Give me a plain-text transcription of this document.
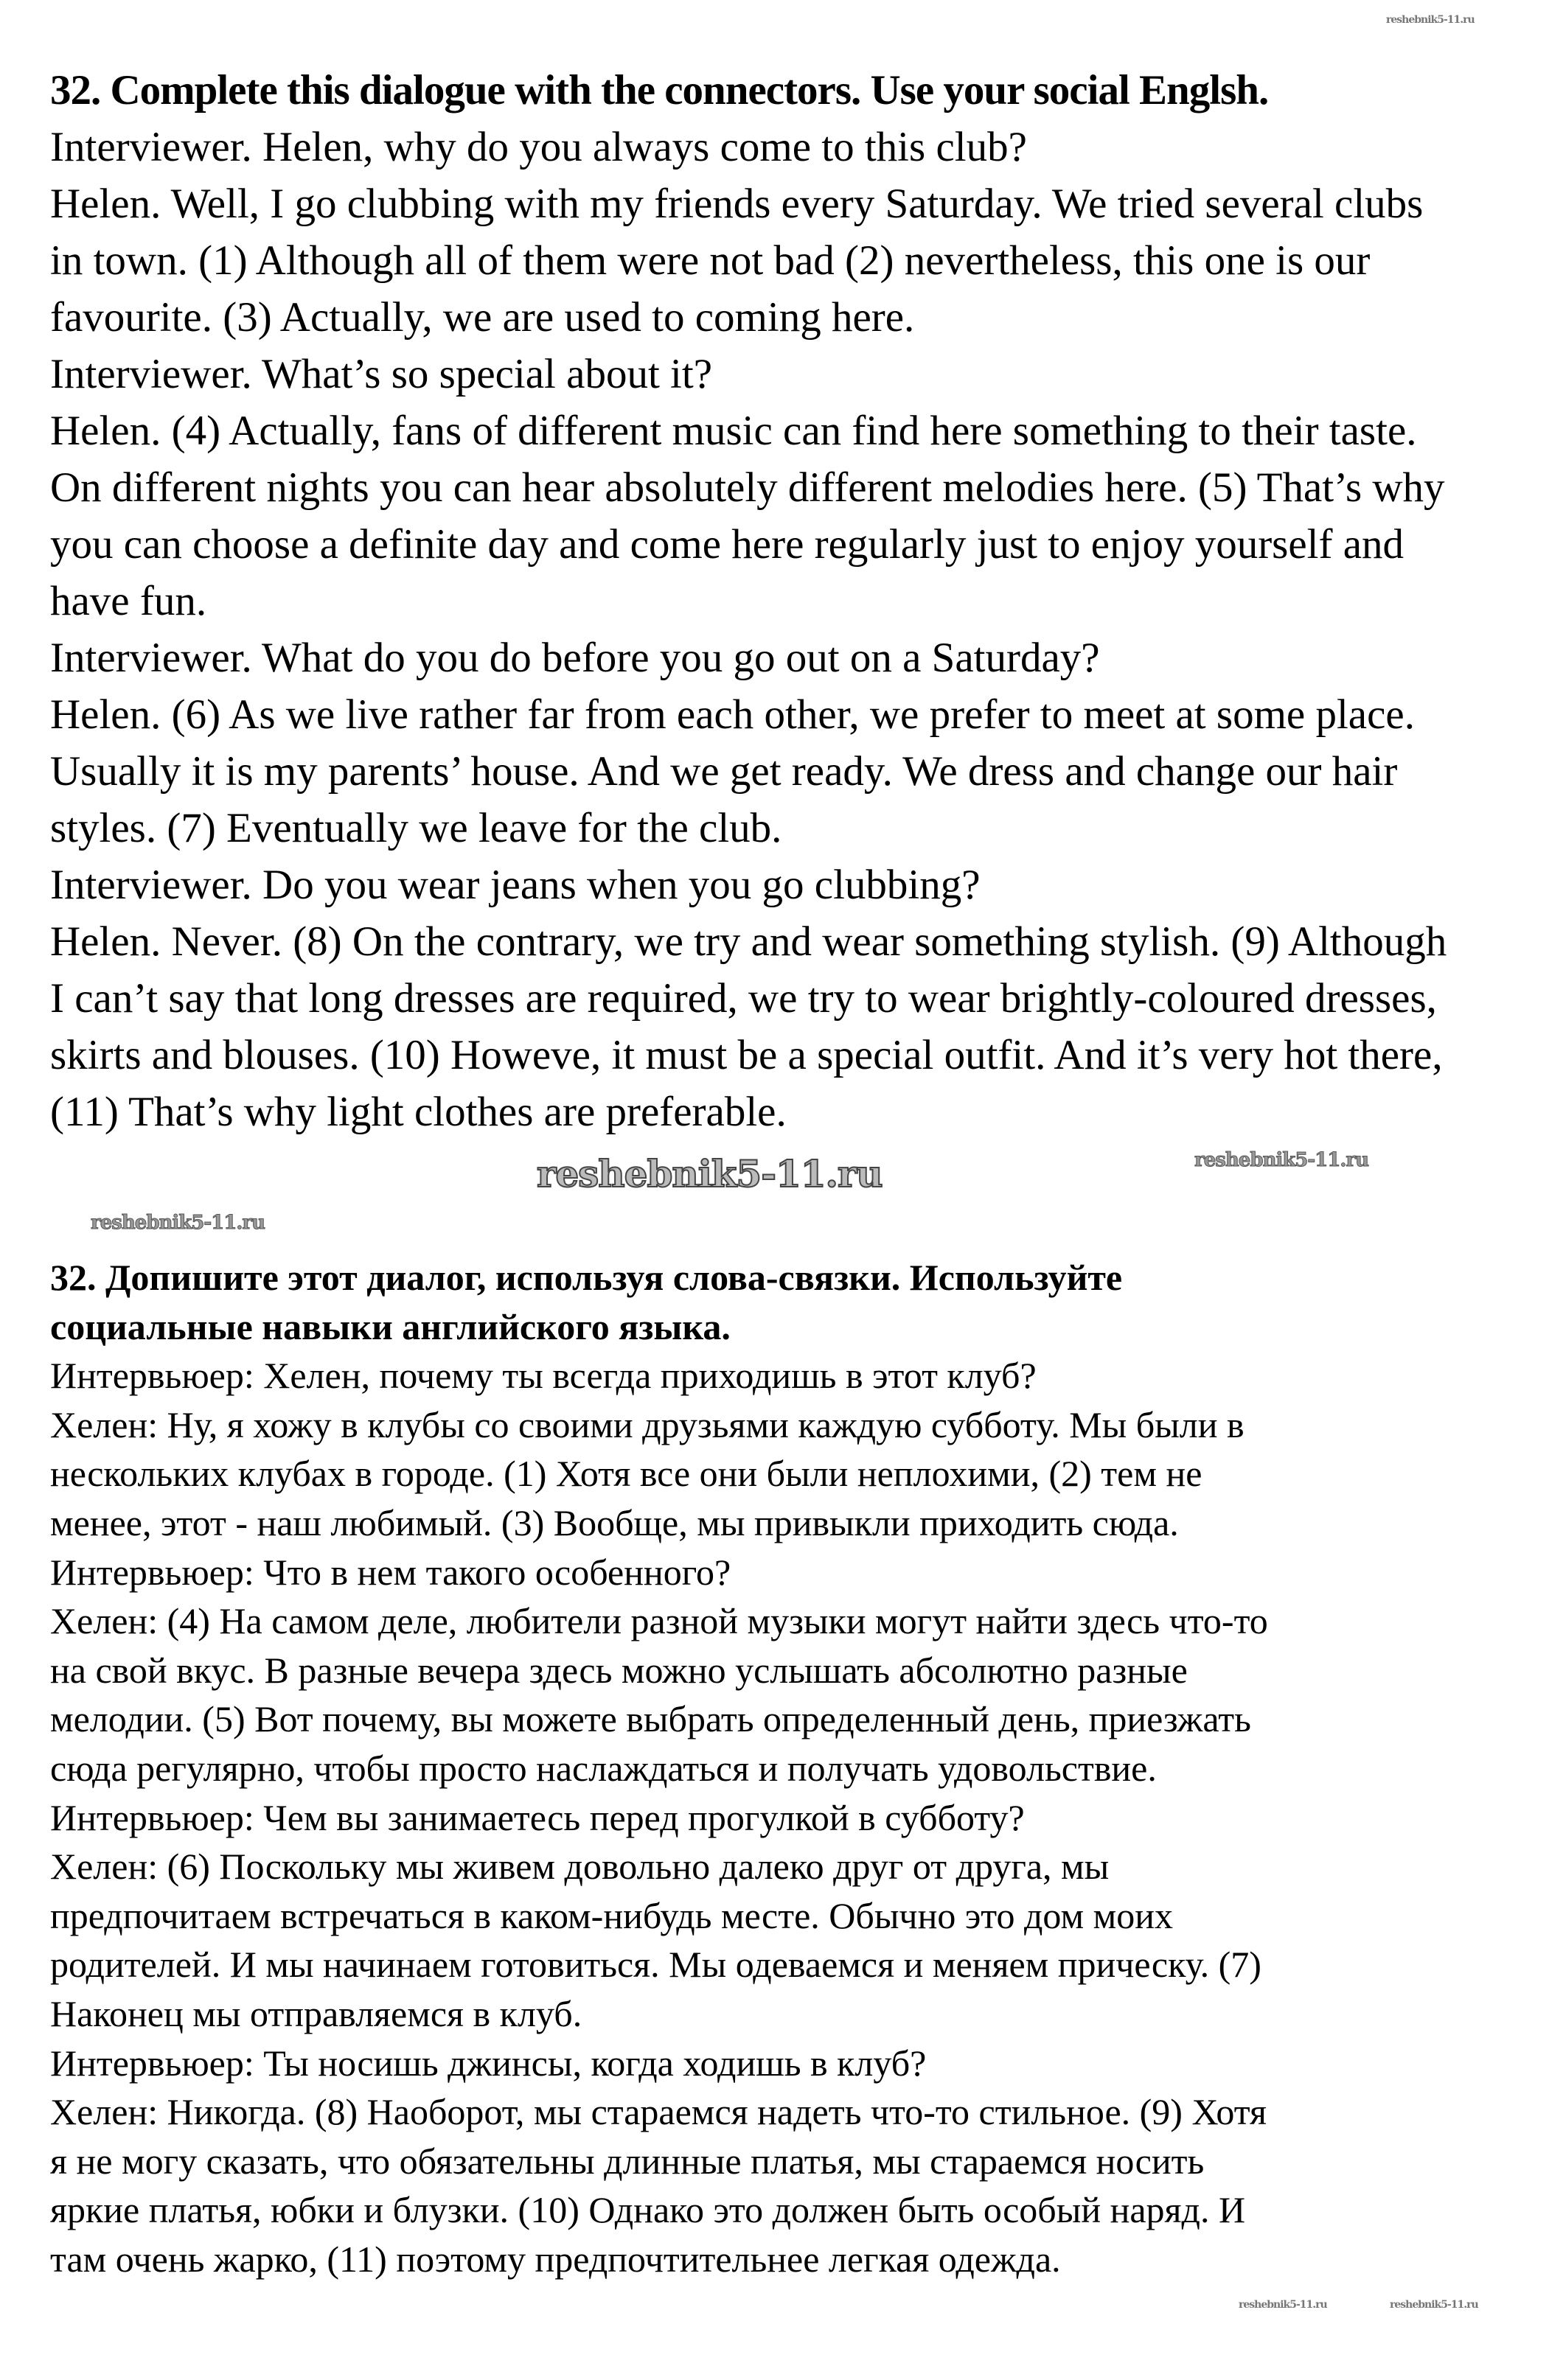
32. Complete this dialogue with the connectors. Use your social Englsh.
Interviewer. Helen, why do you always come to this club?
Helen. Well, I go clubbing with my friends every Saturday. We tried several clubs
in town. (1) Although all of them were not bad (2) nevertheless, this one is our
favourite. (3) Actually, we are used to coming here.
Interviewer. What’s so special about it?
Helen. (4) Actually, fans of different music can find here something to their taste.
On different nights you can hear absolutely different melodies here. (5) That’s why
you can choose a definite day and come here regularly just to enjoy yourself and
have fun.
Interviewer. What do you do before you go out on a Saturday?
Helen. (6) As we live rather far from each other, we prefer to meet at some place.
Usually it is my parents’ house. And we get ready. We dress and change our hair
styles. (7) Eventually we leave for the club.
Interviewer. Do you wear jeans when you go clubbing?
Helen. Never. (8) On the contrary, we try and wear something stylish. (9) Although
I can’t say that long dresses are required, we try to wear brightly-coloured dresses,
skirts and blouses. (10) Howeve, it must be a special outfit. And it’s very hot there,
(11) That’s why light clothes are preferable.
32. Допишите этот диалог, используя слова-связки. Используйте
социальные навыки английского языка.
Интервьюер: Хелен, почему ты всегда приходишь в этот клуб?
Хелен: Ну, я хожу в клубы со своими друзьями каждую субботу. Мы были в
нескольких клубах в городе. (1) Хотя все они были неплохими, (2) тем не
менее, этот - наш любимый. (3) Вообще, мы привыкли приходить сюда.
Интервьюер: Что в нем такого особенного?
Хелен: (4) На самом деле, любители разной музыки могут найти здесь что-то
на свой вкус. В разные вечера здесь можно услышать абсолютно разные
мелодии. (5) Вот почему, вы можете выбрать определенный день, приезжать
сюда регулярно, чтобы просто наслаждаться и получать удовольствие.
Интервьюер: Чем вы занимаетесь перед прогулкой в субботу?
Хелен: (6) Поскольку мы живем довольно далеко друг от друга, мы
предпочитаем встречаться в каком-нибудь месте. Обычно это дом моих
родителей. И мы начинаем готовиться. Мы одеваемся и меняем прическу. (7)
Наконец мы отправляемся в клуб.
Интервьюер: Ты носишь джинсы, когда ходишь в клуб?
Хелен: Никогда. (8) Наоборот, мы стараемся надеть что-то стильное. (9) Хотя
я не могу сказать, что обязательны длинные платья, мы стараемся носить
яркие платья, юбки и блузки. (10) Однако это должен быть особый наряд. И
там очень жарко, (11) поэтому предпочтительнее легкая одежда.
reshebnik5-11.ru
reshebnik5-11.ru
reshebnik5-11.ru
reshebnik5-11.ru
reshebnik5-11.ru	reshebnik5-11.ru
